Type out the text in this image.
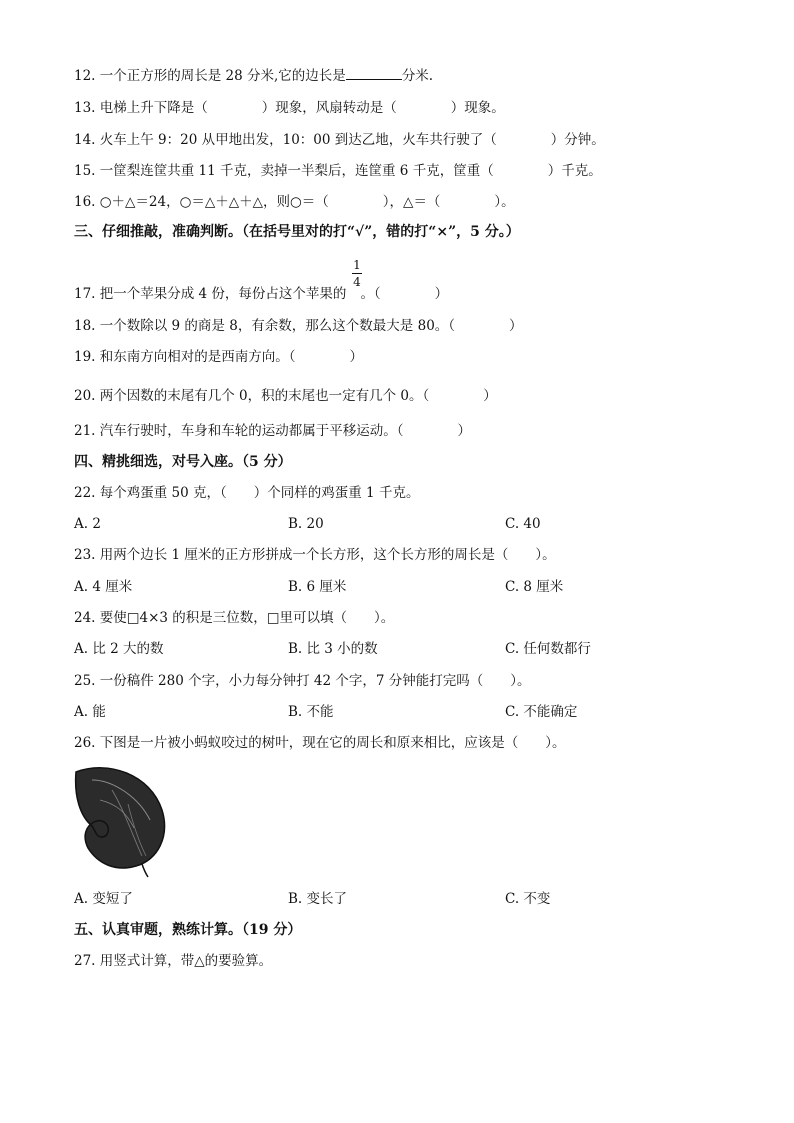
12. 一个正方形的周长是 28 分米,它的边长是	分米.
13. 电梯上升下降是（　　　　）现象，风扇转动是（　　　　）现象。
14. 火车上午 9：20 从甲地出发，10：00 到达乙地，火车共行驶了（　　　　）分钟。
15. 一筐梨连筐共重 11 千克，卖掉一半梨后，连筐重 6 千克，筐重（　　　　）千克。
16. ○＋△＝24，○＝△＋△＋△，则○＝（　　　　），△＝（　　　　）。
三、仔细推敲，准确判断。（在括号里对的打“√”，错的打“×”，5 分。）
1
4
17. 把一个苹果分成 4 份，每份占这个苹果的 。（　　　　）
18. 一个数除以 9 的商是 8，有余数，那么这个数最大是 80。（　　　　）
19. 和东南方向相对的是西南方向。（　　　　）
20. 两个因数的末尾有几个 0，积的末尾也一定有几个 0。（　　　　）
21. 汽车行驶时，车身和车轮的运动都属于平移运动。（　　　　）
四、精挑细选，对号入座。（5 分）
22. 每个鸡蛋重 50 克，（　　）个同样的鸡蛋重 1 千克。
A. 2	B. 20	C. 40
23. 用两个边长 1 厘米的正方形拼成一个长方形，这个长方形的周长是（　　）。
A. 4 厘米	B. 6 厘米	C. 8 厘米
24. 要使□4×3 的积是三位数，□里可以填（　　）。
A. 比 2 大的数	B. 比 3 小的数	C. 任何数都行
25. 一份稿件 280 个字，小力每分钟打 42 个字，7 分钟能打完吗（　　）。
A. 能	B. 不能	C. 不能确定
26. 下图是一片被小蚂蚁咬过的树叶，现在它的周长和原来相比，应该是（　　）。
A. 变短了	B. 变长了	C. 不变
五、认真审题，熟练计算。（19 分）
27. 用竖式计算，带△的要验算。
